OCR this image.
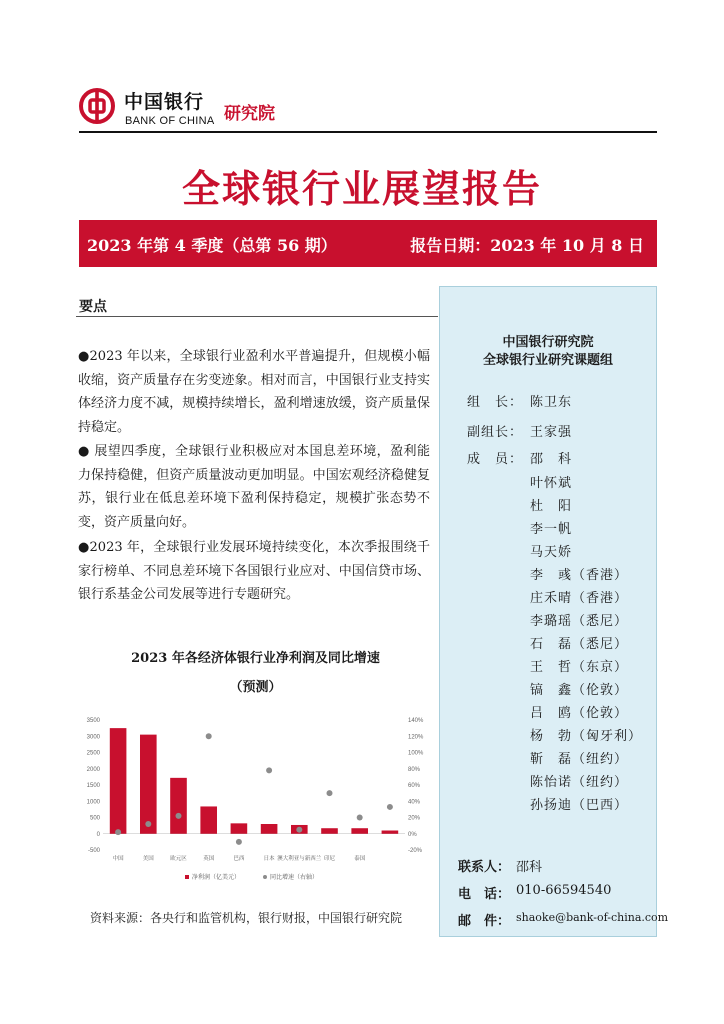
中国银行
BANK OF CHINA 研究院
全球银行业展望报告
2023 年第 4 季度（总第 56 期）	报告日期：2023 年 10 月 8 日
要点
●2023 年以来，全球银行业盈利水平普遍提升，但规模小幅收缩，资产质量存在劣变迹象。相对而言，中国银行业支持实体经济力度不减，规模持续增长，盈利增速放缓，资产质量保持稳定。
● 展望四季度，全球银行业积极应对本国息差环境，盈利能力保持稳健，但资产质量波动更加明显。中国宏观经济稳健复苏，银行业在低息差环境下盈利保持稳定，规模扩张态势不变，资产质量向好。
●2023 年，全球银行业发展环境持续变化，本次季报围绕千家行榜单、不同息差环境下各国银行业应对、中国信贷市场、银行系基金公司发展等进行专题研究。
中国银行研究院
全球银行业研究课题组
组　长： 陈卫东
副组长： 王家强
成　员： 邵　科
叶怀斌
杜　阳
李一帆
马天娇
李　彧（香港）
庄禾晴（香港）
李璐瑶（悉尼）
石　磊（悉尼）
王　哲（东京）
镐　鑫（伦敦）
吕　鸥（伦敦）
杨　勃（匈牙利）
靳　磊（纽约）
陈怡诺（纽约）
孙扬迪（巴西）
联系人： 邵科
电　话： 010-66594540
邮　件： shaoke@bank-of-china.com
2023 年各经济体银行业净利润及同比增速
（预测）
3500
3000
2500
2000
1500
1000
500
0
-500
140%
120%
100%
80%
60%
40%
20%
0%
-20%
中国	美国	欧元区	英国	巴西	日本 澳大利亚与新西兰 印尼	泰国
净利润（亿美元）	同比增速（右轴）
资料来源：各央行和监管机构，银行财报，中国银行研究院
